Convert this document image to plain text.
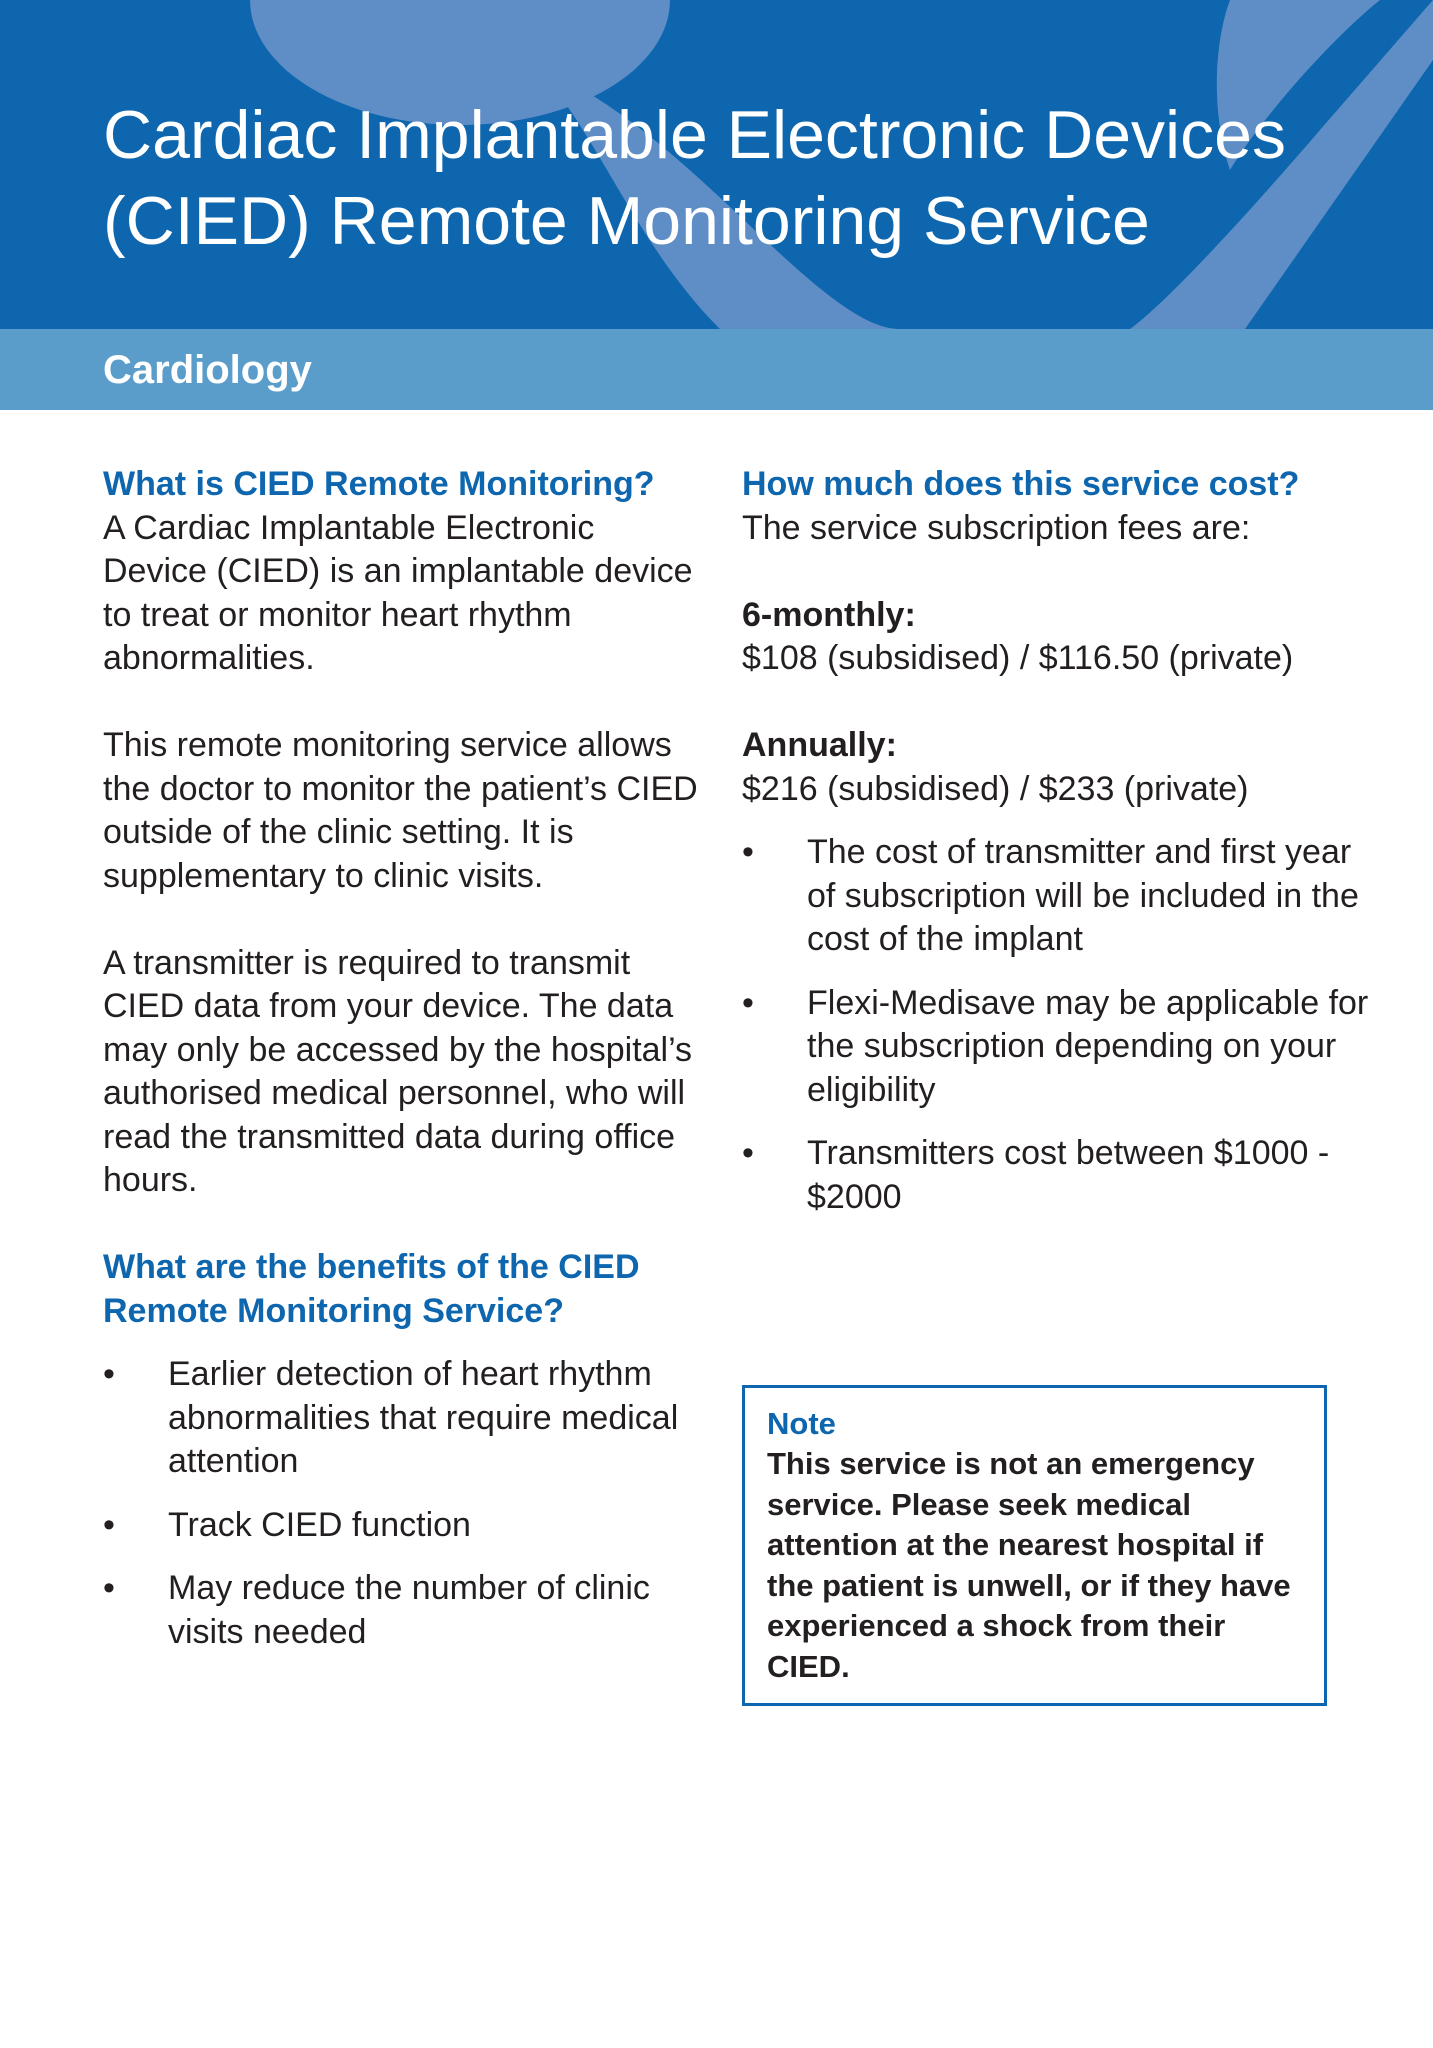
Cardiac Implantable Electronic Devices
(CIED) Remote Monitoring Service
Cardiology
What is CIED Remote Monitoring?

A Cardiac Implantable Electronic Device (CIED) is an implantable device to treat or monitor heart rhythm abnormalities.

This remote monitoring service allows the doctor to monitor the patient’s CIED outside of the clinic setting. It is supplementary to clinic visits.

A transmitter is required to transmit CIED data from your device. The data may only be accessed by the hospital’s authorised medical personnel, who will read the transmitted data during office hours.

What are the benefits of the CIED Remote Monitoring Service?
• Earlier detection of heart rhythm abnormalities that require medical attention
• Track CIED function
• May reduce the number of clinic visits needed
How much does this service cost?

The service subscription fees are:

6-monthly:

$108 (subsidised) / $116.50 (private)

Annually:

$216 (subsidised) / $233 (private)

• The cost of transmitter and first year of subscription will be included in the cost of the implant
• Flexi-Medisave may be applicable for the subscription depending on your eligibility
• Transmitters cost between $1000 - $2000

Note

This service is not an emergency service. Please seek medical attention at the nearest hospital if the patient is unwell, or if they have experienced a shock from their CIED.
